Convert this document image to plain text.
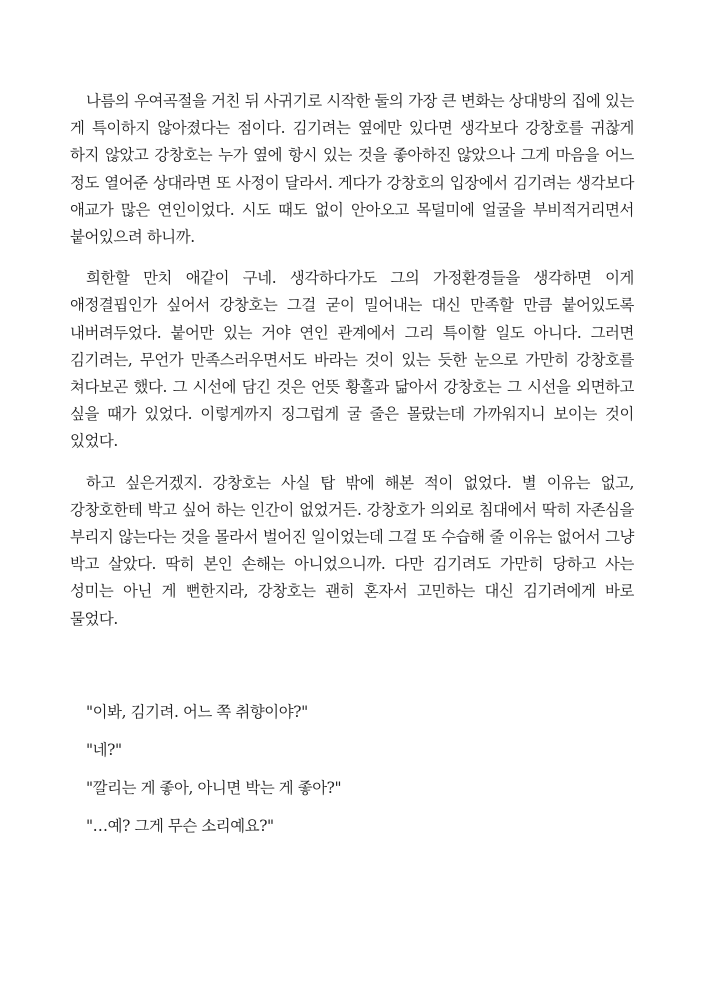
나름의 우여곡절을 거친 뒤 사귀기로 시작한 둘의 가장 큰 변화는 상대방의 집에 있는 게 특이하지 않아졌다는 점이다. 김기려는 옆에만 있다면 생각보다 강창호를 귀찮게 하지 않았고 강창호는 누가 옆에 항시 있는 것을 좋아하진 않았으나 그게 마음을 어느 정도 열어준 상대라면 또 사정이 달라서. 게다가 강창호의 입장에서 김기려는 생각보다 애교가 많은 연인이었다. 시도 때도 없이 안아오고 목덜미에 얼굴을 부비적거리면서 붙어있으려 하니까.

희한할 만치 애같이 구네. 생각하다가도 그의 가정환경들을 생각하면 이게 애정결핍인가 싶어서 강창호는 그걸 굳이 밀어내는 대신 만족할 만큼 붙어있도록 내버려두었다. 붙어만 있는 거야 연인 관계에서 그리 특이할 일도 아니다. 그러면 김기려는, 무언가 만족스러우면서도 바라는 것이 있는 듯한 눈으로 가만히 강창호를 쳐다보곤 했다. 그 시선에 담긴 것은 언뜻 황홀과 닮아서 강창호는 그 시선을 외면하고 싶을 때가 있었다. 이렇게까지 징그럽게 굴 줄은 몰랐는데 가까워지니 보이는 것이 있었다.

하고 싶은거겠지. 강창호는 사실 탑 밖에 해본 적이 없었다. 별 이유는 없고, 강창호한테 박고 싶어 하는 인간이 없었거든. 강창호가 의외로 침대에서 딱히 자존심을 부리지 않는다는 것을 몰라서 벌어진 일이었는데 그걸 또 수습해 줄 이유는 없어서 그냥 박고 살았다. 딱히 본인 손해는 아니었으니까. 다만 김기려도 가만히 당하고 사는 성미는 아닌 게 뻔한지라, 강창호는 괜히 혼자서 고민하는 대신 김기려에게 바로 물었다.

"이봐, 김기려. 어느 쪽 취향이야?"

"네?"

"깔리는 게 좋아, 아니면 박는 게 좋아?"

"…예? 그게 무슨 소리예요?"
